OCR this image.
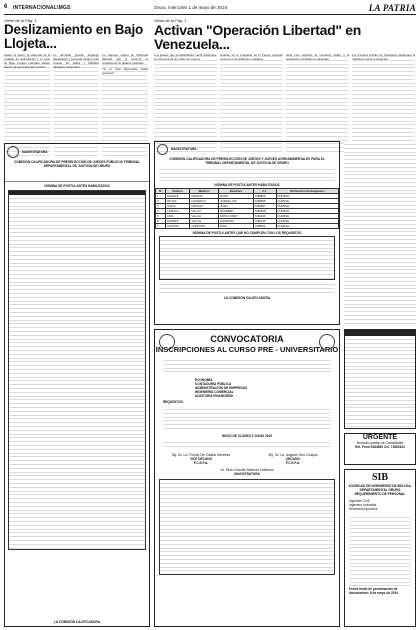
6 INTERNACIONAL\MGS	Oruro, miércoles 1 de mayo de 2019	LA PATRIA
Viene de la Pág. 1
Deslizamiento en Bajo Llojeta...
Santos al diario, la situación de la comuna de Achachicala y la zona de Bajo Llojeta continúa siendo motivo de preocupación vecinal.
La Alcaldía paceña desplegó maquinaria y personal técnico para evaluar los daños y habilitar albergues temporales.
La empresa estatal de Telefonía informó que el servicio se restablecerá de manera paulatina.
"Si es bien importante dadas personas".
MAGISTRATURA
COMISIÓN CALIFICADORA DE PRESELECCIÓN DE JUECES PÚBLICOS TRIBUNAL DEPARTAMENTAL DE JUSTICIA DE ORURO
NÓMINA DE POSTULANTES HABILITADOS
LA COMISIÓN CALIFICADORA
Viene de la Pág. 1
Activan "Operación Libertad" en Venezuela...
Los planes, que probablemente serán frustrados, se activaron en las calles de Caracas.
Guaidó, en el Comando de la Fuerza Armada, convocó a los militares a sumarse.
Ante esta realidad, el Gobierno llamó a la población a defender la soberanía.
Los Estados Unidos de Venezuela mantienen la vigilancia sobre la situación.
MAGISTRATURA
COMISIÓN CALIFICADORA DE PRESELECCIÓN DE JUECES Y JUECES AGROAMBIENTALES PARA EL TRIBUNAL DEPARTAMENTAL DE JUSTICIA DE ORURO
NÓMINA DE POSTULANTES HABILITADOS
N°	Paterno	Materno	Nombres	C.I.	Verificación de Requisitos
1	MAMANI	MAMANI	DAVID	7289854	CUMPLE
2	ROJAS	CAMARGO	JORGE LUIS	7289865	CUMPLE
3	AYALA	MAMANI	JUAN	7286987	CUMPLE
4	LIMACHI	VILLCA	ROSMERY	7266598	CUMPLE
5	LIMA	VILLCA	EDITH CINDY	7282140	CUMPLE
6	MAMANI	VILLCA	ANSELMO	7288745	CUMPLE
7	CASTRO	CONDORI	DINA	7298541	CUMPLE
NÓMINA DE POSTULANTES QUE NO CUMPLEN CON LOS REQUISITOS
LA COMISIÓN CALIFICADORA
CONVOCATORIA
INSCRIPCIONES AL CURSO PRE - UNIVERSITARIO
ECONOMÍA
CONTADURÍA PÚBLICA
ADMINISTRACIÓN DE EMPRESAS
INGENIERÍA COMERCIAL
AUDITORÍA FINANCIERA
REQUISITOS:
INICIO DE CLASES 3 JUNIO 2019
Mg. Sc. Lic. Freddy Del Castillo Meneses
VICE DECANO
F.C.E.F.A.
Mg. Sc. Lic. Augusto Vela Chuquis
DECANO
F.C.E.F.A.
Dr. Silvio Gonzalo Martínez Gutiérrez
MAGISTRATURA
URGENTE
Necesito auxiliar de Contabilidad
Ref. Fono 5284853 Cel. 71852612
SIB
SOCIEDAD DE INGENIEROS DE BOLIVIA- DEPARTAMENTAL ORURO REQUERIMIENTO DE PERSONAL
Ingeniero Civil
Ingeniero Industrial
Secretaria Ejecutiva
Fecha límite de presentación de documentos: 8 de mayo de 2019
